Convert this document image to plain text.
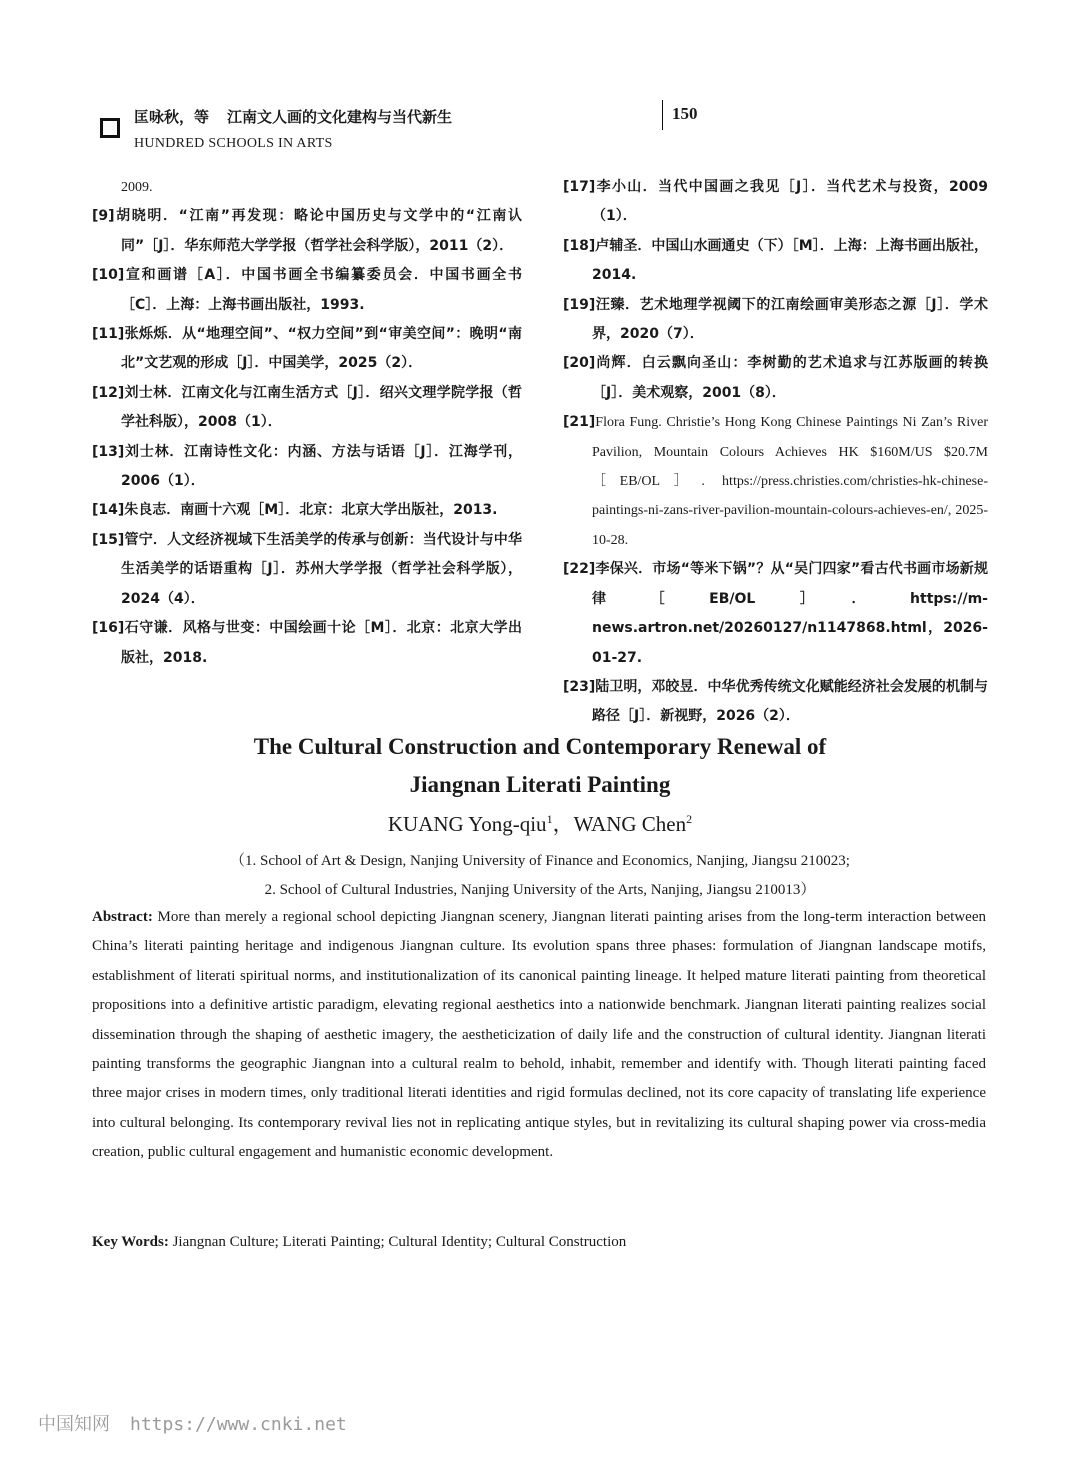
匡咏秋，等 江南文人画的文化建构与当代新生
HUNDRED SCHOOLS IN ARTS
150
2009.
[9]胡晓明．“江南”再发现：略论中国历史与文学中的“江南认同”［J］．华东师范大学学报（哲学社会科学版），2011（2）．
[10]宣和画谱［A］．中国书画全书编纂委员会．中国书画全书［C］．上海：上海书画出版社，1993.
[11]张烁烁．从“地理空间”、“权力空间”到“审美空间”：晚明“南北”文艺观的形成［J］．中国美学，2025（2）．
[12]刘士林．江南文化与江南生活方式［J］．绍兴文理学院学报（哲学社科版），2008（1）．
[13]刘士林．江南诗性文化：内涵、方法与话语［J］．江海学刊，2006（1）．
[14]朱良志．南画十六观［M］．北京：北京大学出版社，2013.
[15]管宁．人文经济视域下生活美学的传承与创新：当代设计与中华生活美学的话语重构［J］．苏州大学学报（哲学社会科学版），2024（4）．
[16]石守谦．风格与世变：中国绘画十论［M］．北京：北京大学出版社，2018.
[17]李小山．当代中国画之我见［J］．当代艺术与投资，2009（1）．
[18]卢辅圣．中国山水画通史（下）［M］．上海：上海书画出版社，2014.
[19]汪臻．艺术地理学视阈下的江南绘画审美形态之源［J］．学术界，2020（7）．
[20]尚辉．白云飘向圣山：李树勤的艺术追求与江苏版画的转换［J］．美术观察，2001（8）．
[21]Flora Fung. Christie’s Hong Kong Chinese Paintings Ni Zan’s River Pavilion, Mountain Colours Achieves HK $160M/US $20.7M［EB/OL］. https://press.christies.com/christies-hk-chinese-paintings-ni-zans-river-pavilion-mountain-colours-achieves-en/, 2025-10-28.
[22]李保兴．市场“等米下锅”？从“吴门四家”看古代书画市场新规律［EB/OL］．https://m-news.artron.net/20260127/n1147868.html，2026-01-27.
[23]陆卫明，邓皎昱．中华优秀传统文化赋能经济社会发展的机制与路径［J］．新视野，2026（2）．
The Cultural Construction and Contemporary Renewal of
Jiangnan Literati Painting
KUANG Yong-qiu$^1$，WANG Chen$^2$
（1. School of Art & Design, Nanjing University of Finance and Economics, Nanjing, Jiangsu 210023;
2. School of Cultural Industries, Nanjing University of the Arts, Nanjing, Jiangsu 210013）
Abstract: More than merely a regional school depicting Jiangnan scenery, Jiangnan literati painting arises from the long-term interaction between China’s literati painting heritage and indigenous Jiangnan culture. Its evolution spans three phases: formulation of Jiangnan landscape motifs, establishment of literati spiritual norms, and institutionalization of its canonical painting lineage. It helped mature literati painting from theoretical propositions into a definitive artistic paradigm, elevating regional aesthetics into a nationwide benchmark. Jiangnan literati painting realizes social dissemination through the shaping of aesthetic imagery, the aestheticization of daily life and the construction of cultural identity. Jiangnan literati painting transforms the geographic Jiangnan into a cultural realm to behold, inhabit, remember and identify with. Though literati painting faced three major crises in modern times, only traditional literati identities and rigid formulas declined, not its core capacity of translating life experience into cultural belonging. Its contemporary revival lies not in replicating antique styles, but in revitalizing its cultural shaping power via cross-media creation, public cultural engagement and humanistic economic development.
Key Words: Jiangnan Culture; Literati Painting; Cultural Identity; Cultural Construction
中国知网 https://www.cnki.net
